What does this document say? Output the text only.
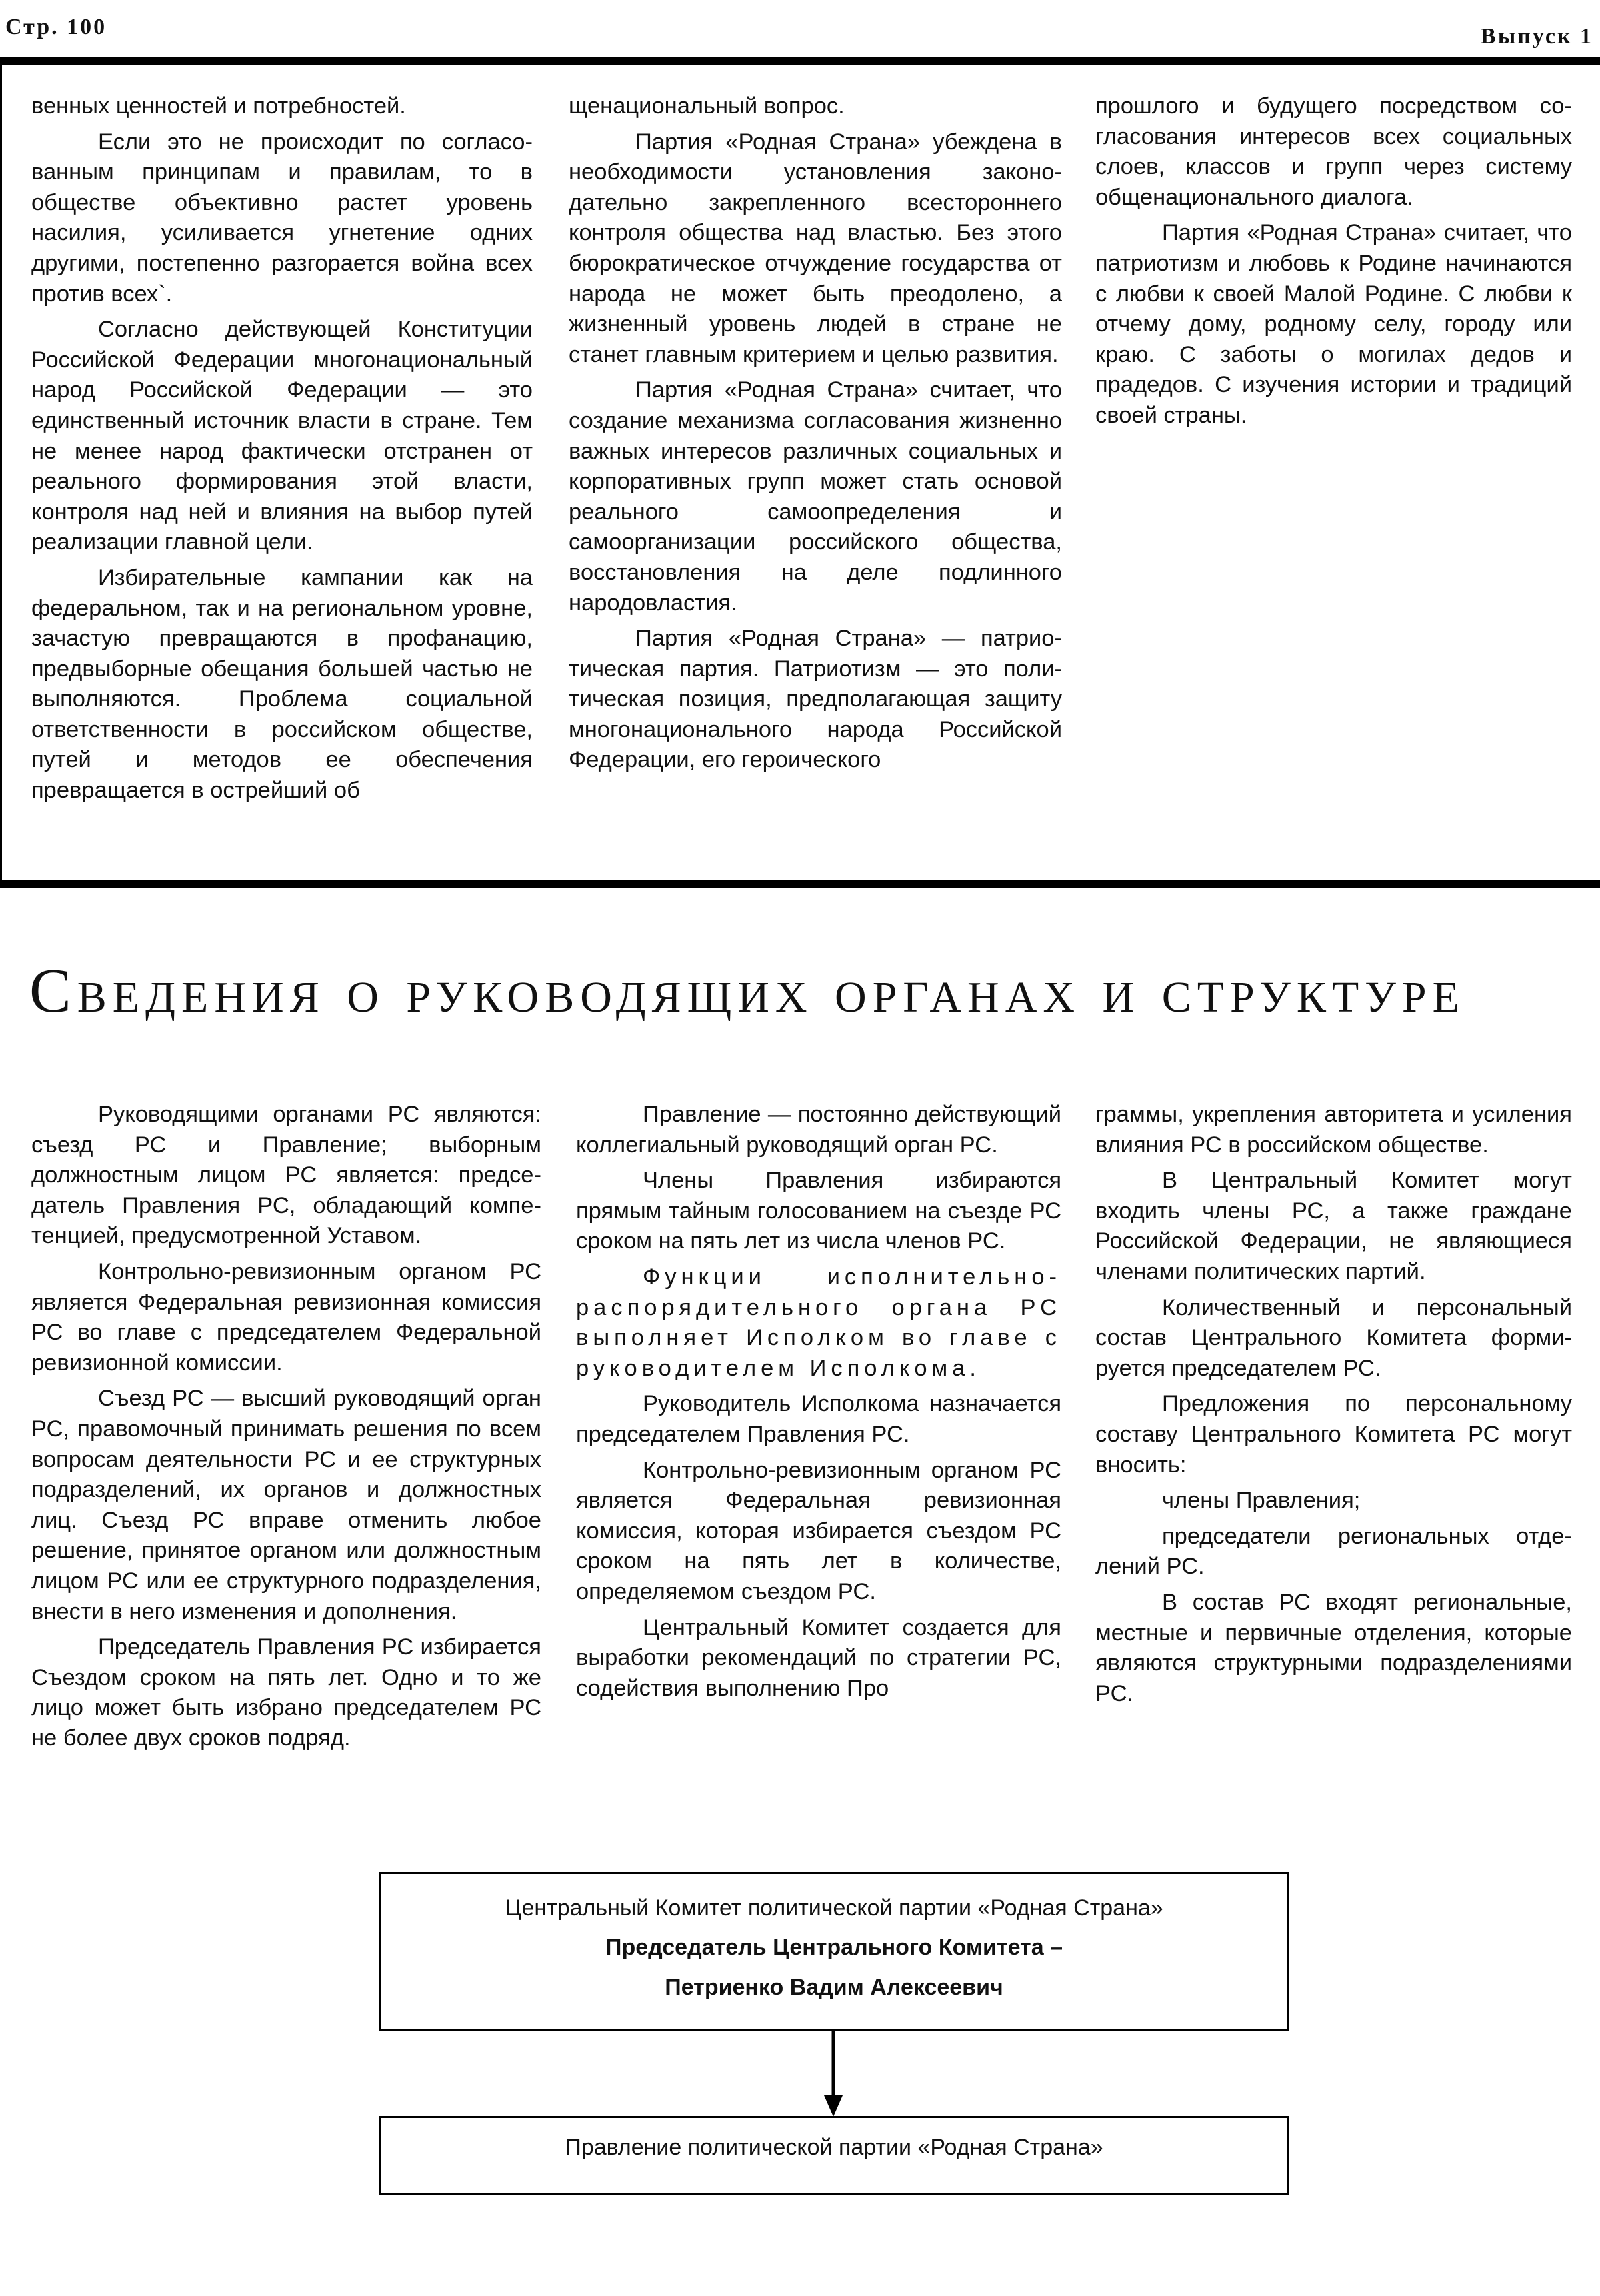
Стр. 100	Выпуск 1

венных ценностей и потребностей.

Если это не происходит по согласованным принципам и правилам, то в обществе объективно растет уровень насилия, усиливается угнетение одних другими, постепенно разгорается война всех против всех`.

Согласно действующей Конституции Российской Федерации многонациональный народ Российской Федерации — это единственный источник власти в стране. Тем не менее народ фактически отстранен от реального формирования этой власти, контроля над ней и влияния на выбор путей реализации главной цели.

Избирательные кампании как на федеральном, так и на региональном уровне, зачастую превращаются в профанацию, предвыборные обещания большей частью не выполняются. Проблема социальной ответственности в российском обществе, путей и методов ее обеспечения превращается в острейший об

щенациональный вопрос.

Партия «Родная Страна» убеждена в необходимости установления законодательно закрепленного всестороннего контроля общества над властью. Без этого бюрократическое отчуждение государства от народа не может быть преодолено, а жизненный уровень людей в стране не станет главным критерием и целью развития.

Партия «Родная Страна» считает, что создание механизма согласования жизненно важных интересов различных социальных и корпоративных групп может стать основой реального самоопределения и самоорганизации российского общества, восстановления на деле подлинного народовластия.

Партия «Родная Страна» — патриотическая партия. Патриотизм — это политическая позиция, предполагающая защиту многонационального народа Российской Федерации, его героического

прошлого и будущего посредством согласования интересов всех социальных слоев, классов и групп через систему общенационального диалога.

Партия «Родная Страна» считает, что патриотизм и любовь к Родине начинаются с любви к своей Малой Родине. С любви к отчему дому, родному селу, городу или краю. С заботы о могилах дедов и прадедов. С изучения истории и традиций своей страны.

Сведения о руководящих органах и структуре

Руководящими органами РС являются: съезд РС и Правление; выборным должностным лицом РС является: председатель Правления РС, обладающий компетенцией, предусмотренной Уставом.

Контрольно-ревизионным органом РС является Федеральная ревизионная комиссия РС во главе с председателем Федеральной ревизионной комиссии.

Съезд РС — высший руководящий орган РС, правомочный принимать решения по всем вопросам деятельности РС и ее структурных подразделений, их органов и должностных лиц. Съезд РС вправе отменить любое решение, принятое органом или должностным лицом РС или ее структурного подразделения, внести в него изменения и дополнения.

Председатель Правления РС избирается Съездом сроком на пять лет. Одно и то же лицо может быть избрано председателем РС не более двух сроков подряд.

Правление — постоянно действующий коллегиальный руководящий орган РС.

Члены Правления избираются прямым тайным голосованием на съезде РС сроком на пять лет из числа членов РС.

Функции исполнительно-распорядительного органа РС выполняет Исполком во главе с руководителем Исполкома.

Руководитель Исполкома назначается председателем Правления РС.

Контрольно-ревизионным органом РС является Федеральная ревизионная комиссия, которая избирается съездом РС сроком на пять лет в количестве, определяемом съездом РС.

Центральный Комитет создается для выработки рекомендаций по стратегии РС, содействия выполнению Про

граммы, укрепления авторитета и усиления влияния РС в российском обществе.

В Центральный Комитет могут входить члены РС, а также граждане Российской Федерации, не являющиеся членами политических партий.

Количественный и персональный состав Центрального Комитета формируется председателем РС.

Предложения по персональному составу Центрального Комитета РС могут вносить:

члены Правления;

председатели региональных отделений РС.

В состав РС входят региональные, местные и первичные отделения, которые являются структурными подразделениями РС.

Центральный Комитет политической партии «Родная Страна»
Председатель Центрального Комитета –
Петриенко Вадим Алексеевич
Правление политической партии «Родная Страна»
